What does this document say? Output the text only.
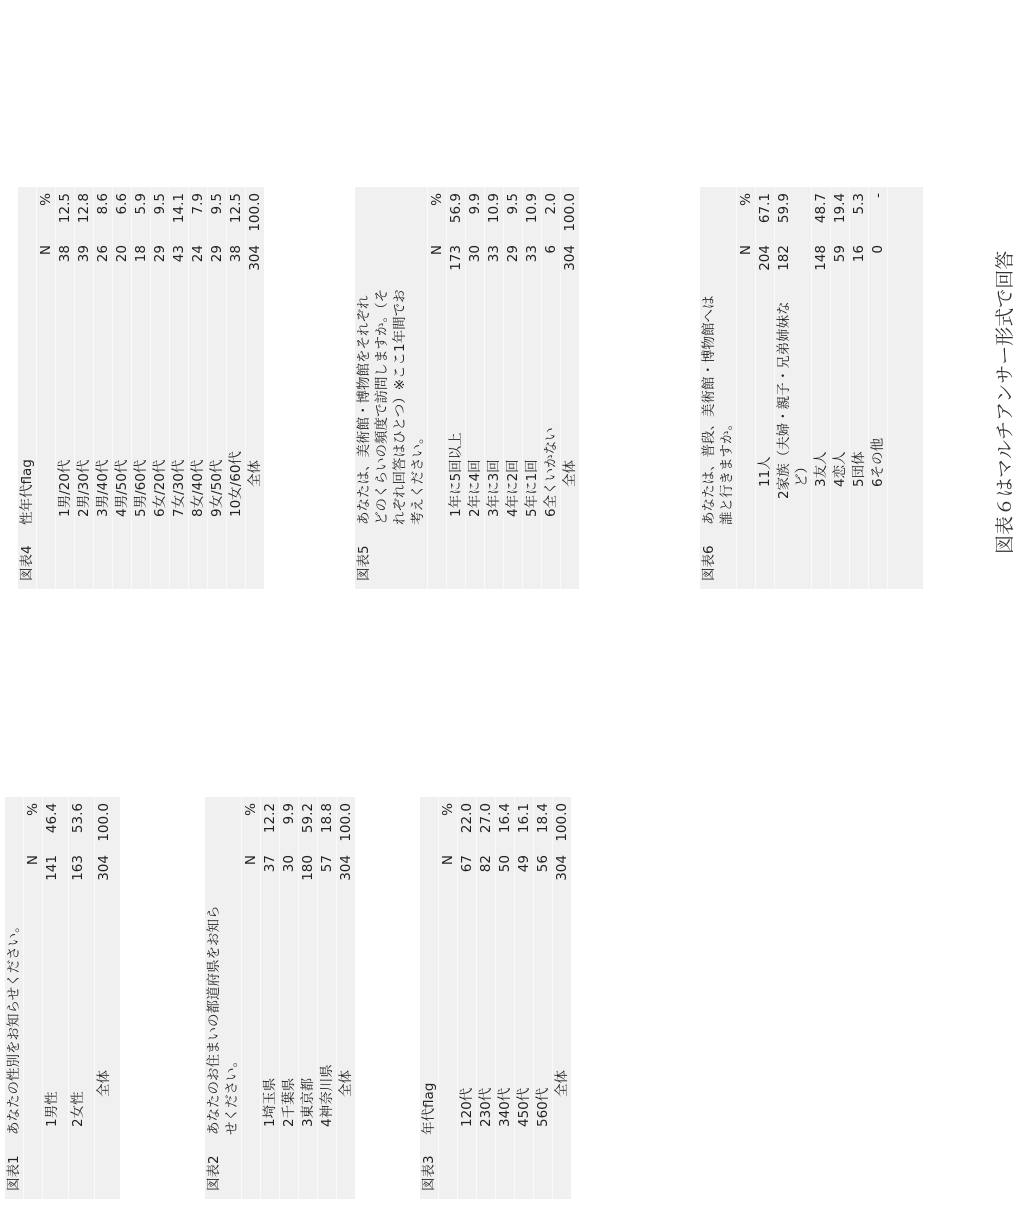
図表1	あなたの性別をお知らせください。		
		N	%
	1男性	141	46.4
	2女性	163	53.6
	全体	304	100.0
図表2	あなたのお住まいの都道府県をお知らせください。		
		N	%
	1埼玉県	37	12.2
	2千葉県	30	9.9
	3東京都	180	59.2
	4神奈川県	57	18.8
	全体	304	100.0
図表3	年代flag		
		N	%
	120代	67	22.0
	230代	82	27.0
	340代	50	16.4
	450代	49	16.1
	560代	56	18.4
	全体	304	100.0
図表4	性年代flag		
		N	%
	1男/20代	38	12.5
	2男/30代	39	12.8
	3男/40代	26	8.6
	4男/50代	20	6.6
	5男/60代	18	5.9
	6女/20代	29	9.5
	7女/30代	43	14.1
	8女/40代	24	7.9
	9女/50代	29	9.5
	10女/60代	38	12.5
	全体	304	100.0
図表5	あなたは、美術館・博物館をそれぞれどのくらいの頻度で訪問しますか。（それぞれ回答はひとつ）※ここ1年間でお考えください。		
		N	%
	1年に5回以上	173	56.9
	2年に4回	30	9.9
	3年に3回	33	10.9
	4年に2回	29	9.5
	5年に1回	33	10.9
	6全くいかない	6	2.0
	全体	304	100.0
図表6	あなたは、普段、美術館・博物館へは誰と行きますか。		
		N	%
	11人	204	67.1
	2家族（夫婦・親子・兄弟姉妹など）	182	59.9
	3友人	148	48.7
	4恋人	59	19.4
	5団体	16	5.3
	6その他	0	-

図表６はマルチアンサー形式で回答
